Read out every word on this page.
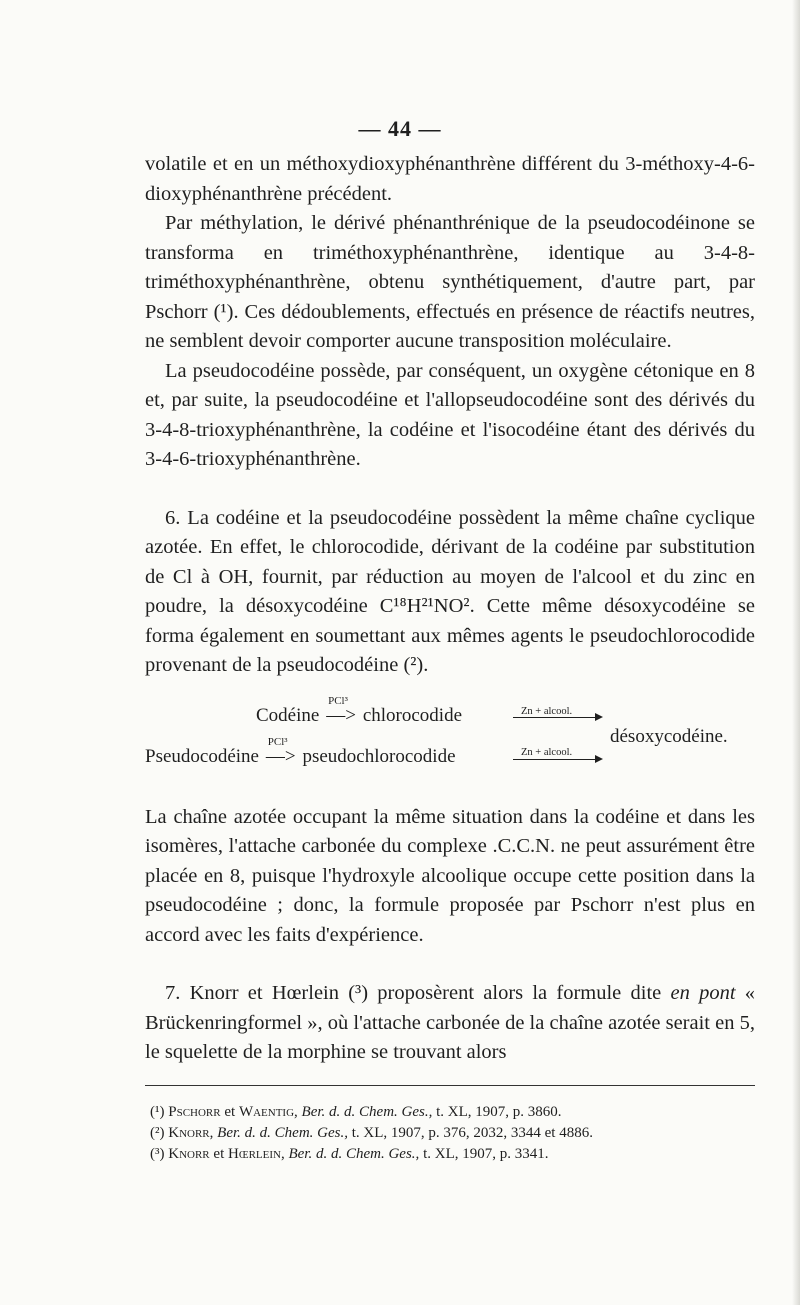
— 44 —

volatile et en un méthoxydioxyphénanthrène différent du 3-méthoxy-4-6-dioxyphénanthrène précédent.

Par méthylation, le dérivé phénanthrénique de la pseudocodéinone se transforma en triméthoxyphénanthrène, identique au 3-4-8-triméthoxyphénanthrène, obtenu synthétiquement, d'autre part, par Pschorr (¹). Ces dédoublements, effectués en présence de réactifs neutres, ne semblent devoir comporter aucune transposition moléculaire.

La pseudocodéine possède, par conséquent, un oxygène cétonique en 8 et, par suite, la pseudocodéine et l'allopseudocodéine sont des dérivés du 3-4-8-trioxyphénanthrène, la codéine et l'isocodéine étant des dérivés du 3-4-6-trioxyphénanthrène.

6. La codéine et la pseudocodéine possèdent la même chaîne cyclique azotée. En effet, le chlorocodide, dérivant de la codéine par substitution de Cl à OH, fournit, par réduction au moyen de l'alcool et du zinc en poudre, la désoxycodéine C¹⁸H²¹NO². Cette même désoxycodéine se forma également en soumettant aux mêmes agents le pseudochlorocodide provenant de la pseudocodéine (²).

Codéine
PCl³
—> chlorocodide	Zn + alcool.
Pseudocodéine
PCl³
—> pseudochlorocodide	Zn + alcool.
désoxycodéine.

La chaîne azotée occupant la même situation dans la codéine et dans les isomères, l'attache carbonée du complexe .C.C.N. ne peut assurément être placée en 8, puisque l'hydroxyle alcoolique occupe cette position dans la pseudocodéine ; donc, la formule proposée par Pschorr n'est plus en accord avec les faits d'expérience.

7. Knorr et Hœrlein (³) proposèrent alors la formule dite en pont « Brückenringformel », où l'attache carbonée de la chaîne azotée serait en 5, le squelette de la morphine se trouvant alors

(¹) Pschorr et Waentig, Ber. d. d. Chem. Ges., t. XL, 1907, p. 3860.
(²) Knorr, Ber. d. d. Chem. Ges., t. XL, 1907, p. 376, 2032, 3344 et 4886.
(³) Knorr et Hœrlein, Ber. d. d. Chem. Ges., t. XL, 1907, p. 3341.
